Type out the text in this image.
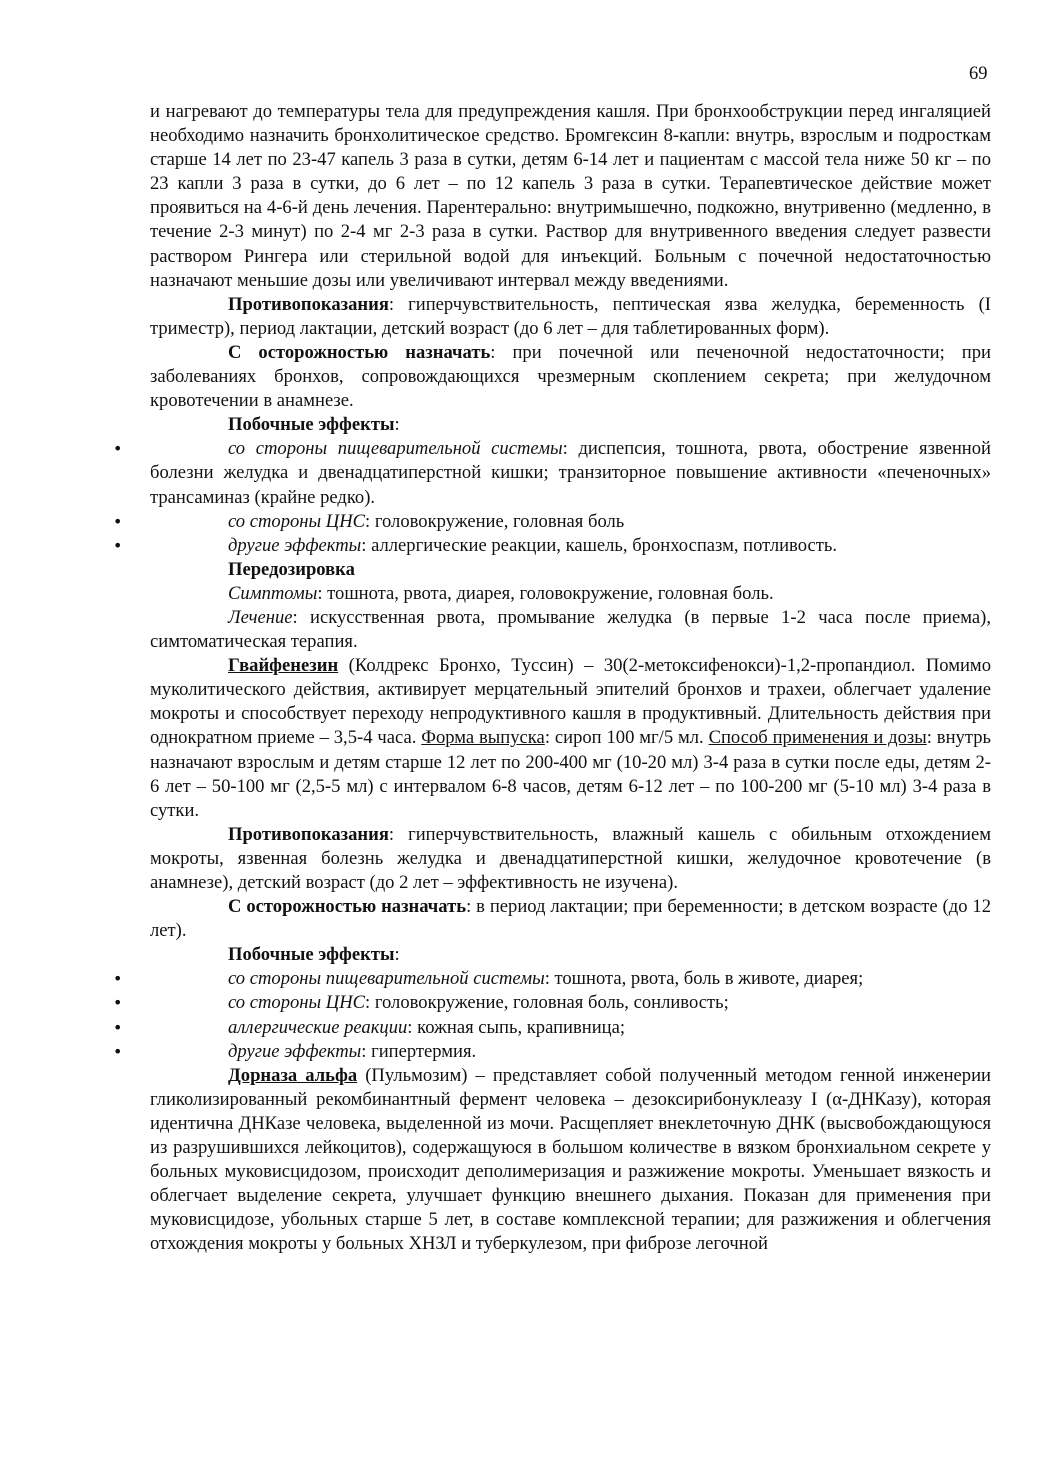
69

и нагревают до температуры тела для предупреждения кашля. При бронхообструкции перед ингаляцией необходимо назначить бронхолитическое средство. Бромгексин 8-капли: внутрь, взрослым и подросткам старше 14 лет по 23-47 капель 3 раза в сутки, детям 6-14 лет и пациентам с массой тела ниже 50 кг – по 23 капли 3 раза в сутки, до 6 лет – по 12 капель 3 раза в сутки. Терапевтическое действие может проявиться на 4-6-й день лечения. Парентерально: внутримышечно, подкожно, внутривенно (медленно, в течение 2-3 минут) по 2-4 мг 2-3 раза в сутки. Раствор для внутривенного введения следует развести раствором Рингера или стерильной водой для инъекций. Больным с почечной недостаточностью назначают меньшие дозы или увеличивают интервал между введениями.

Противопоказания: гиперчувствительность, пептическая язва желудка, беременность (I триместр), период лактации, детский возраст (до 6 лет – для таблетированных форм).

С осторожностью назначать: при почечной или печеночной недостаточности; при заболеваниях бронхов, сопровождающихся чрезмерным скоплением секрета; при желудочном кровотечении в анамнезе.

Побочные эффекты:

• со стороны пищеварительной системы: диспепсия, тошнота, рвота, обострение язвенной болезни желудка и двенадцатиперстной кишки; транзиторное повышение активности «печеночных» трансаминаз (крайне редко).

• со стороны ЦНС: головокружение, головная боль

• другие эффекты: аллергические реакции, кашель, бронхоспазм, потливость.

Передозировка

Симптомы: тошнота, рвота, диарея, головокружение, головная боль.

Лечение: искусственная рвота, промывание желудка (в первые 1-2 часа после приема), симтоматическая терапия.

Гвайфенезин (Колдрекс Бронхо, Туссин) – 30(2-метоксифенокси)-1,2-пропандиол. Помимо муколитического действия, активирует мерцательный эпителий бронхов и трахеи, облегчает удаление мокроты и способствует переходу непродуктивного кашля в продуктивный. Длительность действия при однократном приеме – 3,5-4 часа. Форма выпуска: сироп 100 мг/5 мл. Способ применения и дозы: внутрь назначают взрослым и детям старше 12 лет по 200-400 мг (10-20 мл) 3-4 раза в сутки после еды, детям 2-6 лет – 50-100 мг (2,5-5 мл) с интервалом 6-8 часов, детям 6-12 лет – по 100-200 мг (5-10 мл) 3-4 раза в сутки.

Противопоказания: гиперчувствительность, влажный кашель с обильным отхождением мокроты, язвенная болезнь желудка и двенадцатиперстной кишки, желудочное кровотечение (в анамнезе), детский возраст (до 2 лет – эффективность не изучена).

С осторожностью назначать: в период лактации; при беременности; в детском возрасте (до 12 лет).

Побочные эффекты:

• со стороны пищеварительной системы: тошнота, рвота, боль в животе, диарея;

• со стороны ЦНС: головокружение, головная боль, сонливость;

• аллергические реакции: кожная сыпь, крапивница;

• другие эффекты: гипертермия.

Дорназа альфа (Пульмозим) – представляет собой полученный методом генной инженерии гликолизированный рекомбинантный фермент человека – дезоксирибонуклеазу I (α-ДНКазу), которая идентична ДНКазе человека, выделенной из мочи. Расщепляет внеклеточную ДНК (высвобождающуюся из разрушившихся лейкоцитов), содержащуюся в большом количестве в вязком бронхиальном секрете у больных муковисцидозом, происходит деполимеризация и разжижение мокроты. Уменьшает вязкость и облегчает выделение секрета, улучшает функцию внешнего дыхания. Показан для применения при муковисцидозе, убольных старше 5 лет, в составе комплексной терапии; для разжижения и облегчения отхождения мокроты у больных ХНЗЛ и туберкулезом, при фиброзе легочной
